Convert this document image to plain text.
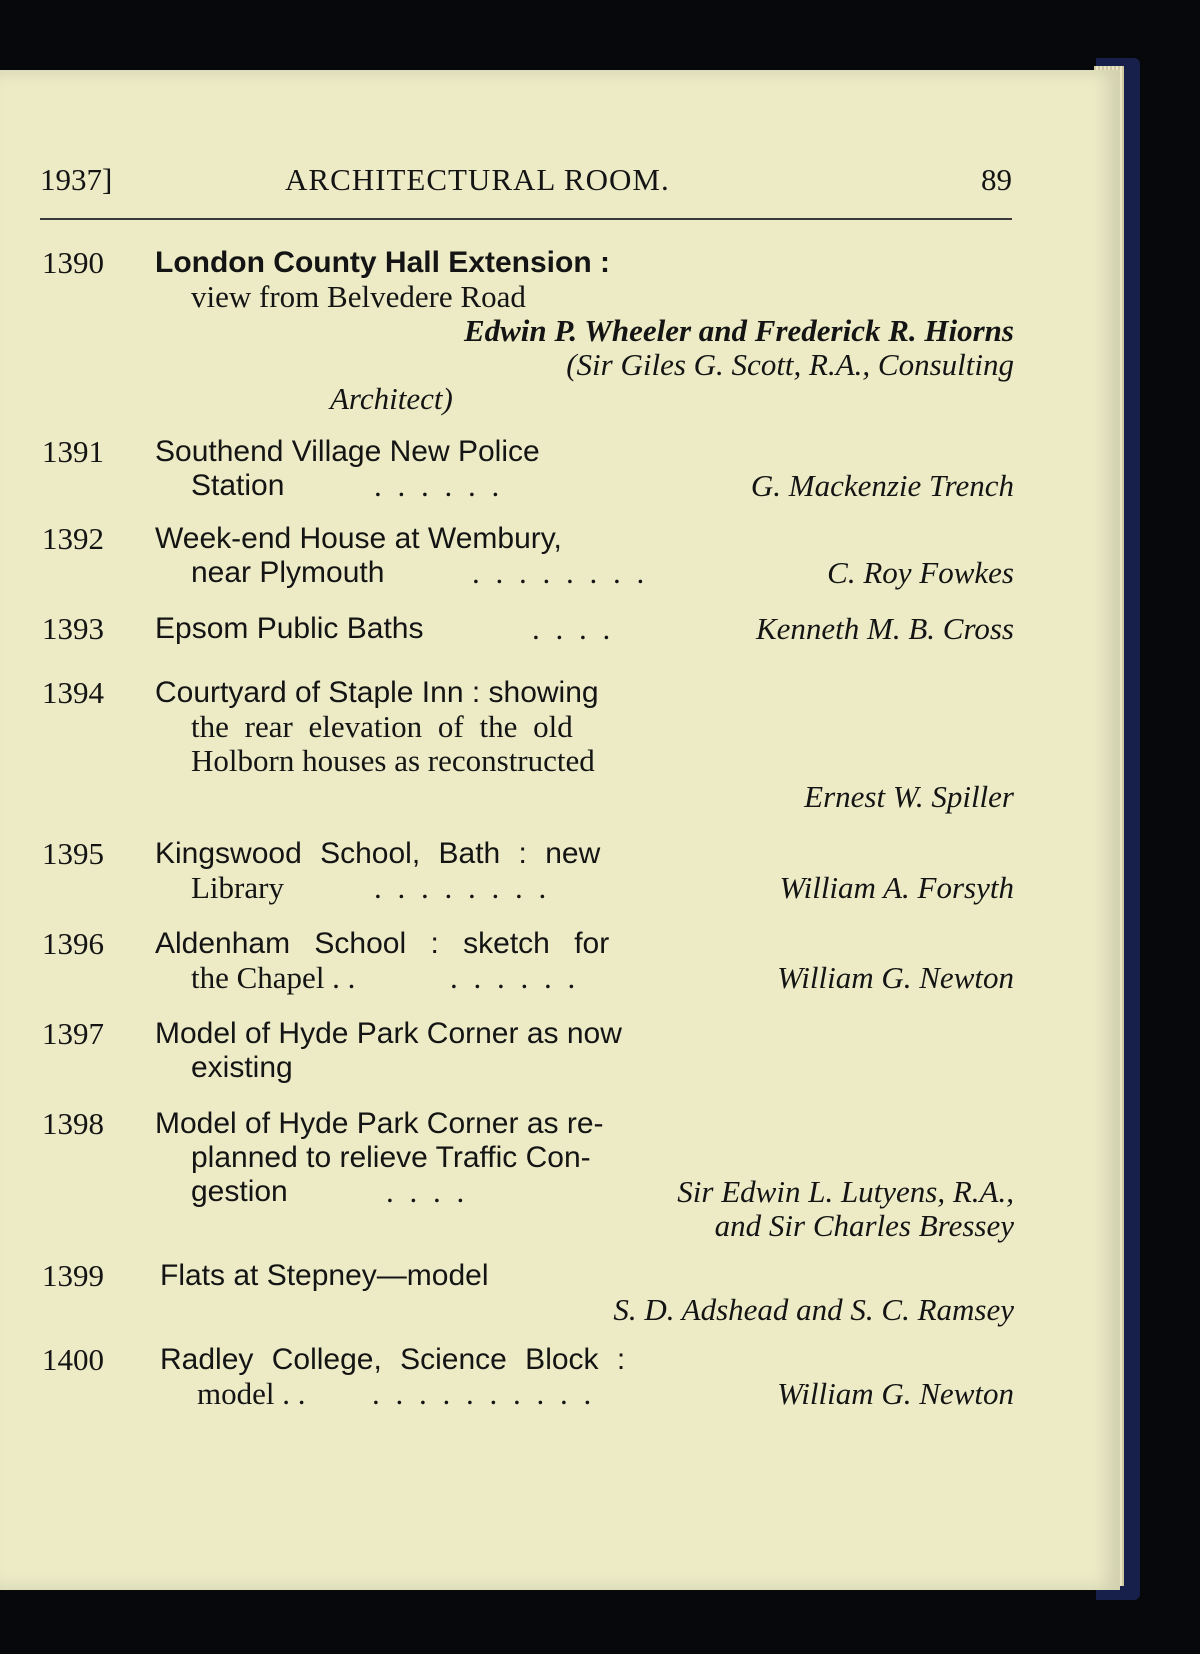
1937]	ARCHITECTURAL ROOM.	89
1390 London County Hall Extension :
view from Belvedere Road
Edwin P. Wheeler and Frederick R. Hiorns
(Sir Giles G. Scott, R.A., Consulting
Architect)
1391 Southend Village New Police
Station	. . . . . .	G. Mackenzie Trench
1392 Week-end House at Wembury,
near Plymouth	. . . . . . . .	C. Roy Fowkes
1393 Epsom Public Baths	. . . .	Kenneth M. B. Cross
1394 Courtyard of Staple Inn : showing
the rear elevation of the old
Holborn houses as reconstructed
Ernest W. Spiller
1395 Kingswood School, Bath : new
Library	. . . . . . . .	William A. Forsyth
1396 Aldenham School : sketch for
the Chapel . .	. . . . . .	William G. Newton
1397 Model of Hyde Park Corner as now
existing
1398 Model of Hyde Park Corner as re-
planned to relieve Traffic Con-
gestion	. . . .	Sir Edwin L. Lutyens, R.A.,
and Sir Charles Bressey
1399 Flats at Stepney—model
S. D. Adshead and S. C. Ramsey
1400 Radley College, Science Block :
model . . . . . . . . . . . .	William G. Newton
